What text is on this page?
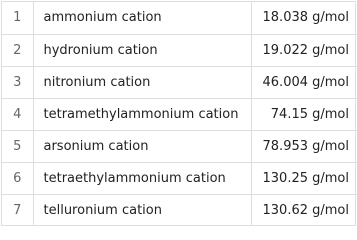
1	ammonium cation	18.038 g/mol
2	hydronium cation	19.022 g/mol
3	nitronium cation	46.004 g/mol
4	tetramethylammonium cation	74.15 g/mol
5	arsonium cation	78.953 g/mol
6	tetraethylammonium cation	130.25 g/mol
7	telluronium cation	130.62 g/mol
